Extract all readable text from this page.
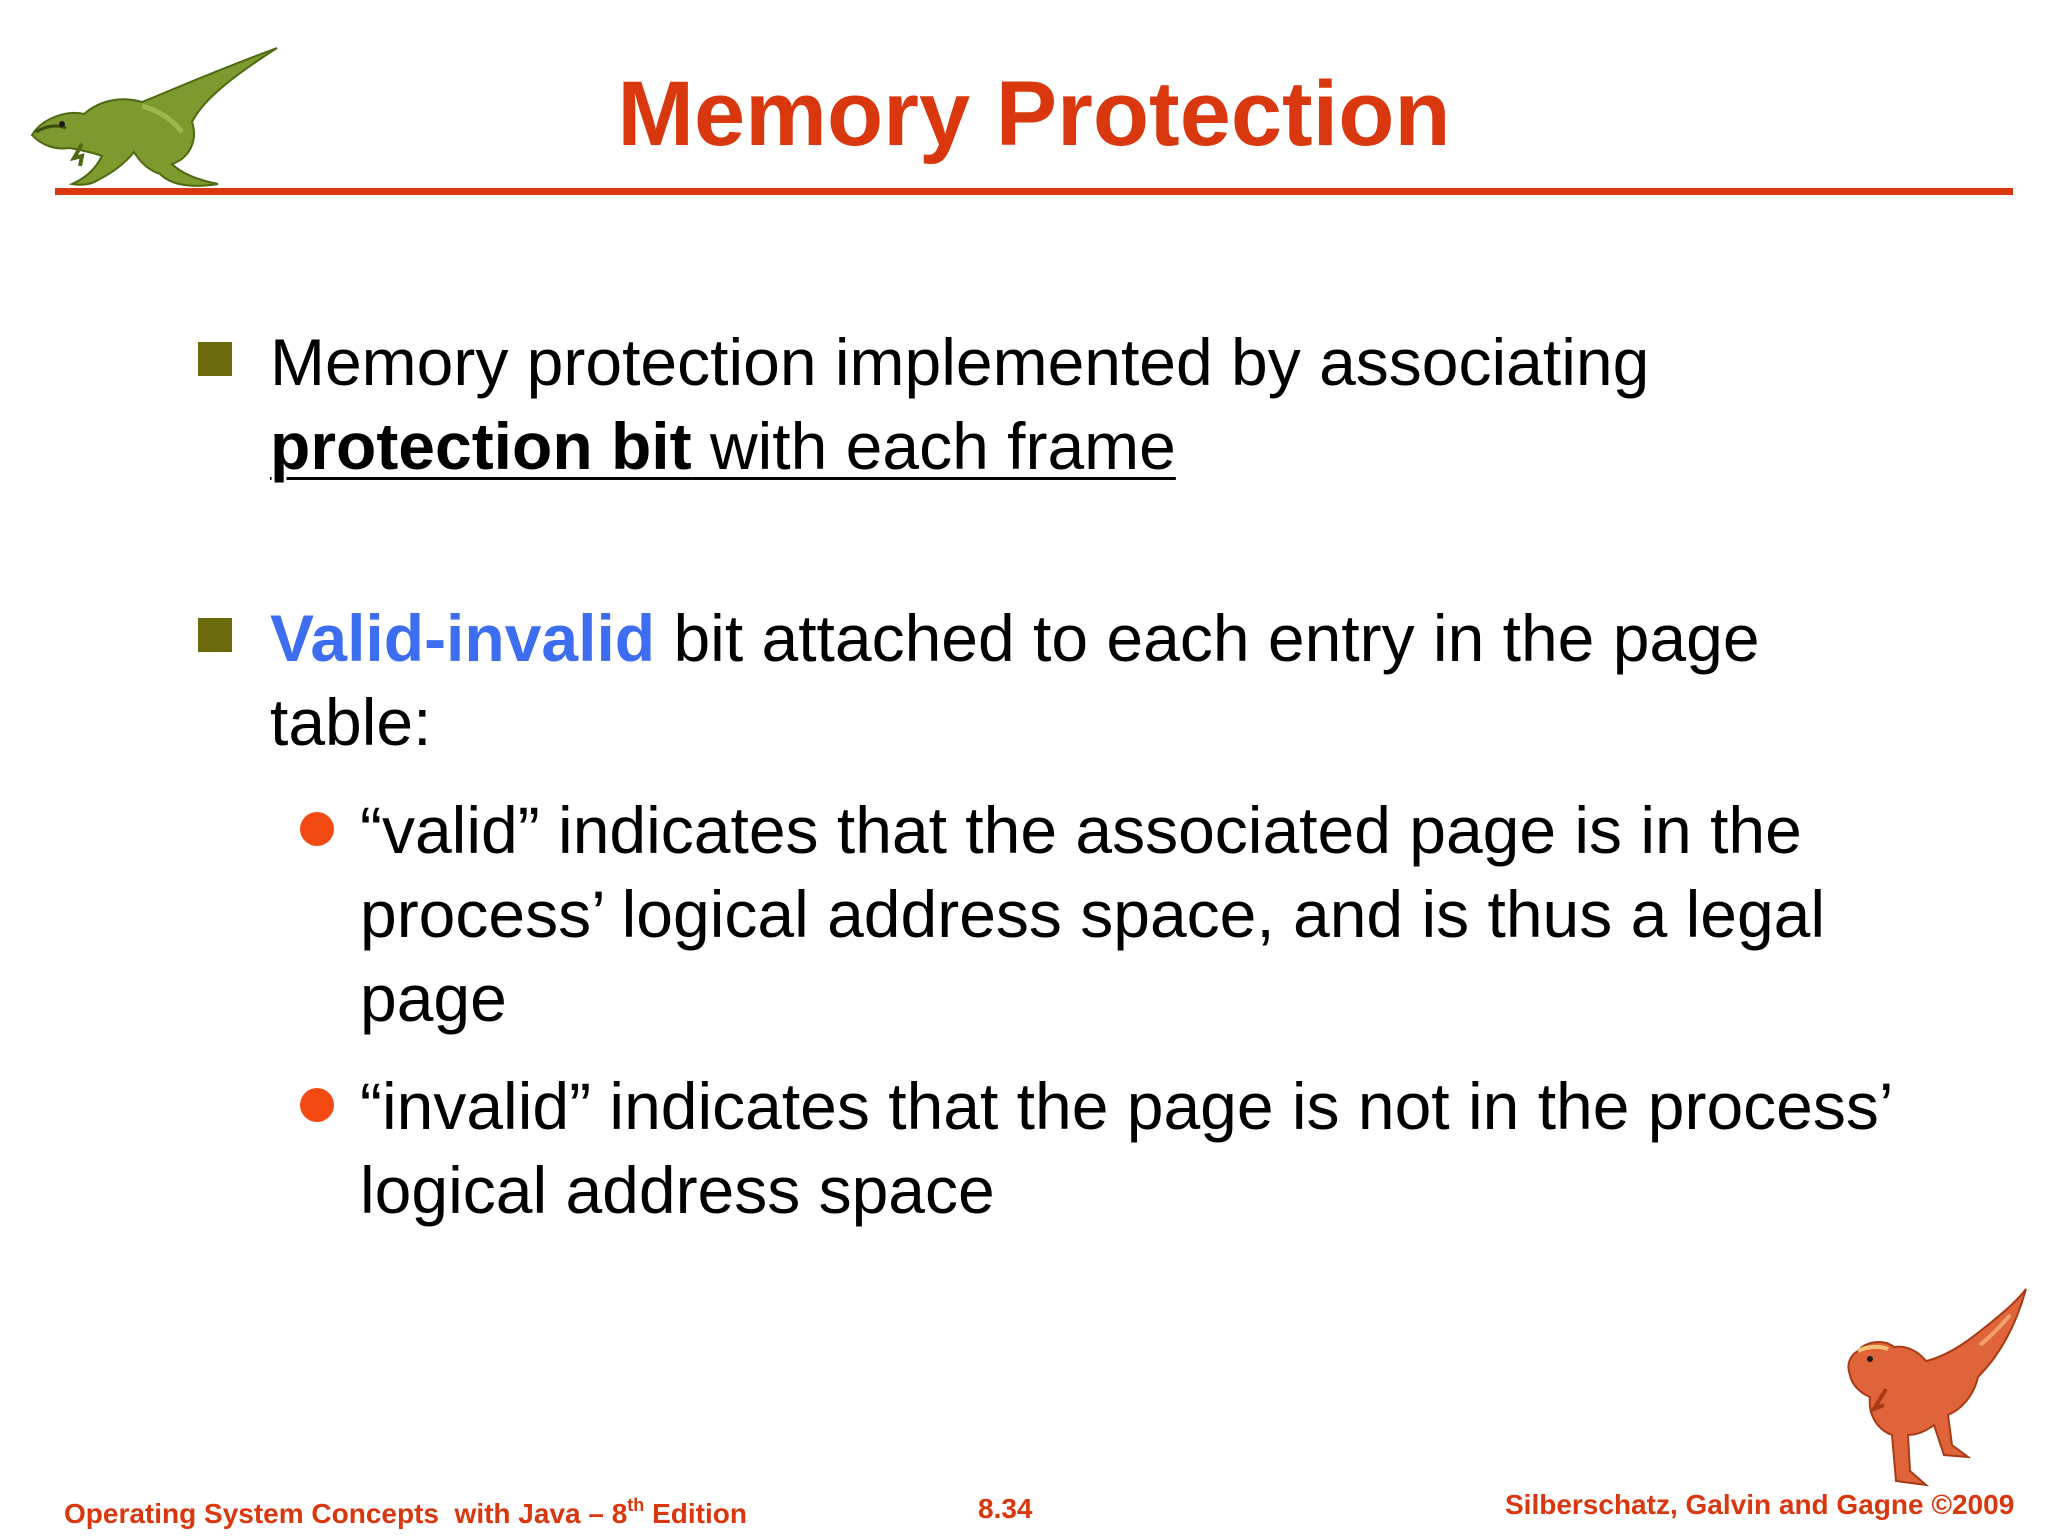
Memory Protection
Memory protection implemented by associating protection bit with each frame
Valid-invalid bit attached to each entry in the page table:
“valid” indicates that the associated page is in the process’ logical address space, and is thus a legal page
“invalid” indicates that the page is not in the process’ logical address space
Operating System Concepts  with Java – 8th Edition	8.34	Silberschatz, Galvin and Gagne ©2009
